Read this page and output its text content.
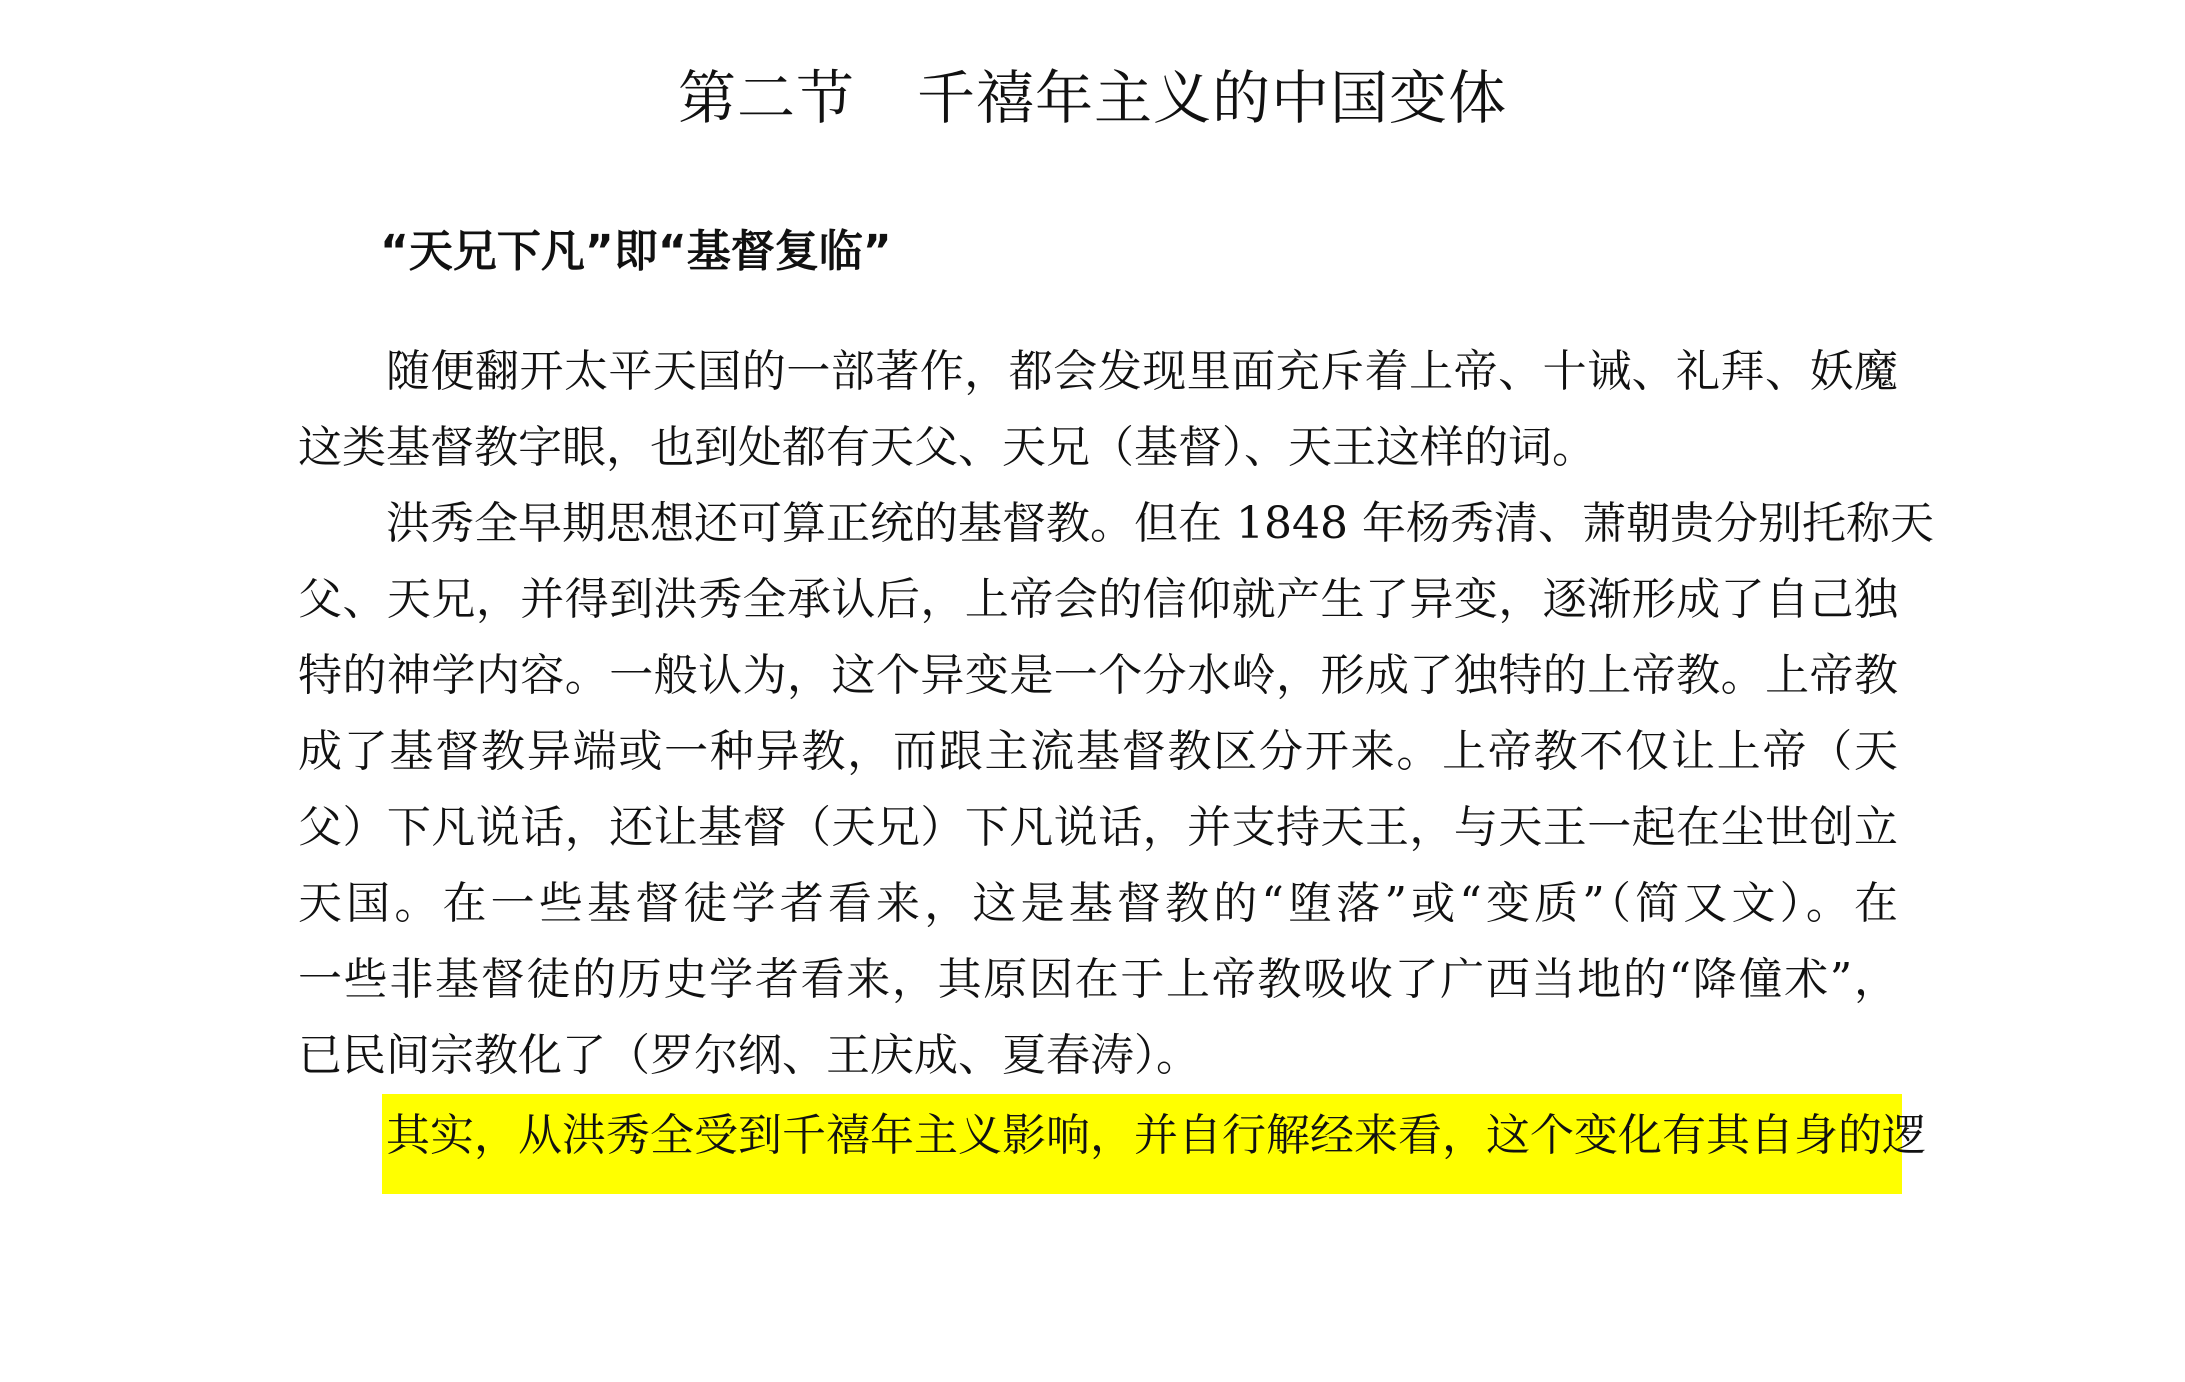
第二节 千禧年主义的中国变体
“天兄下凡”即“基督复临”
随便翻开太平天国的一部著作，都会发现里面充斥着上帝、十诫、礼拜、妖魔
这类基督教字眼，也到处都有天父、天兄（基督）、天王这样的词。
洪秀全早期思想还可算正统的基督教。但在 1848 年杨秀清、萧朝贵分别托称天
父、天兄，并得到洪秀全承认后，上帝会的信仰就产生了异变，逐渐形成了自己独
特的神学内容。一般认为，这个异变是一个分水岭，形成了独特的上帝教。上帝教
成了基督教异端或一种异教，而跟主流基督教区分开来。上帝教不仅让上帝（天
父）下凡说话，还让基督（天兄）下凡说话，并支持天王，与天王一起在尘世创立
天国。在一些基督徒学者看来，这是基督教的“堕落”或“变质”（简又文）。在
一些非基督徒的历史学者看来，其原因在于上帝教吸收了广西当地的“降僮术”，
已民间宗教化了（罗尔纲、王庆成、夏春涛）。
其实，从洪秀全受到千禧年主义影响，并自行解经来看，这个变化有其自身的逻
